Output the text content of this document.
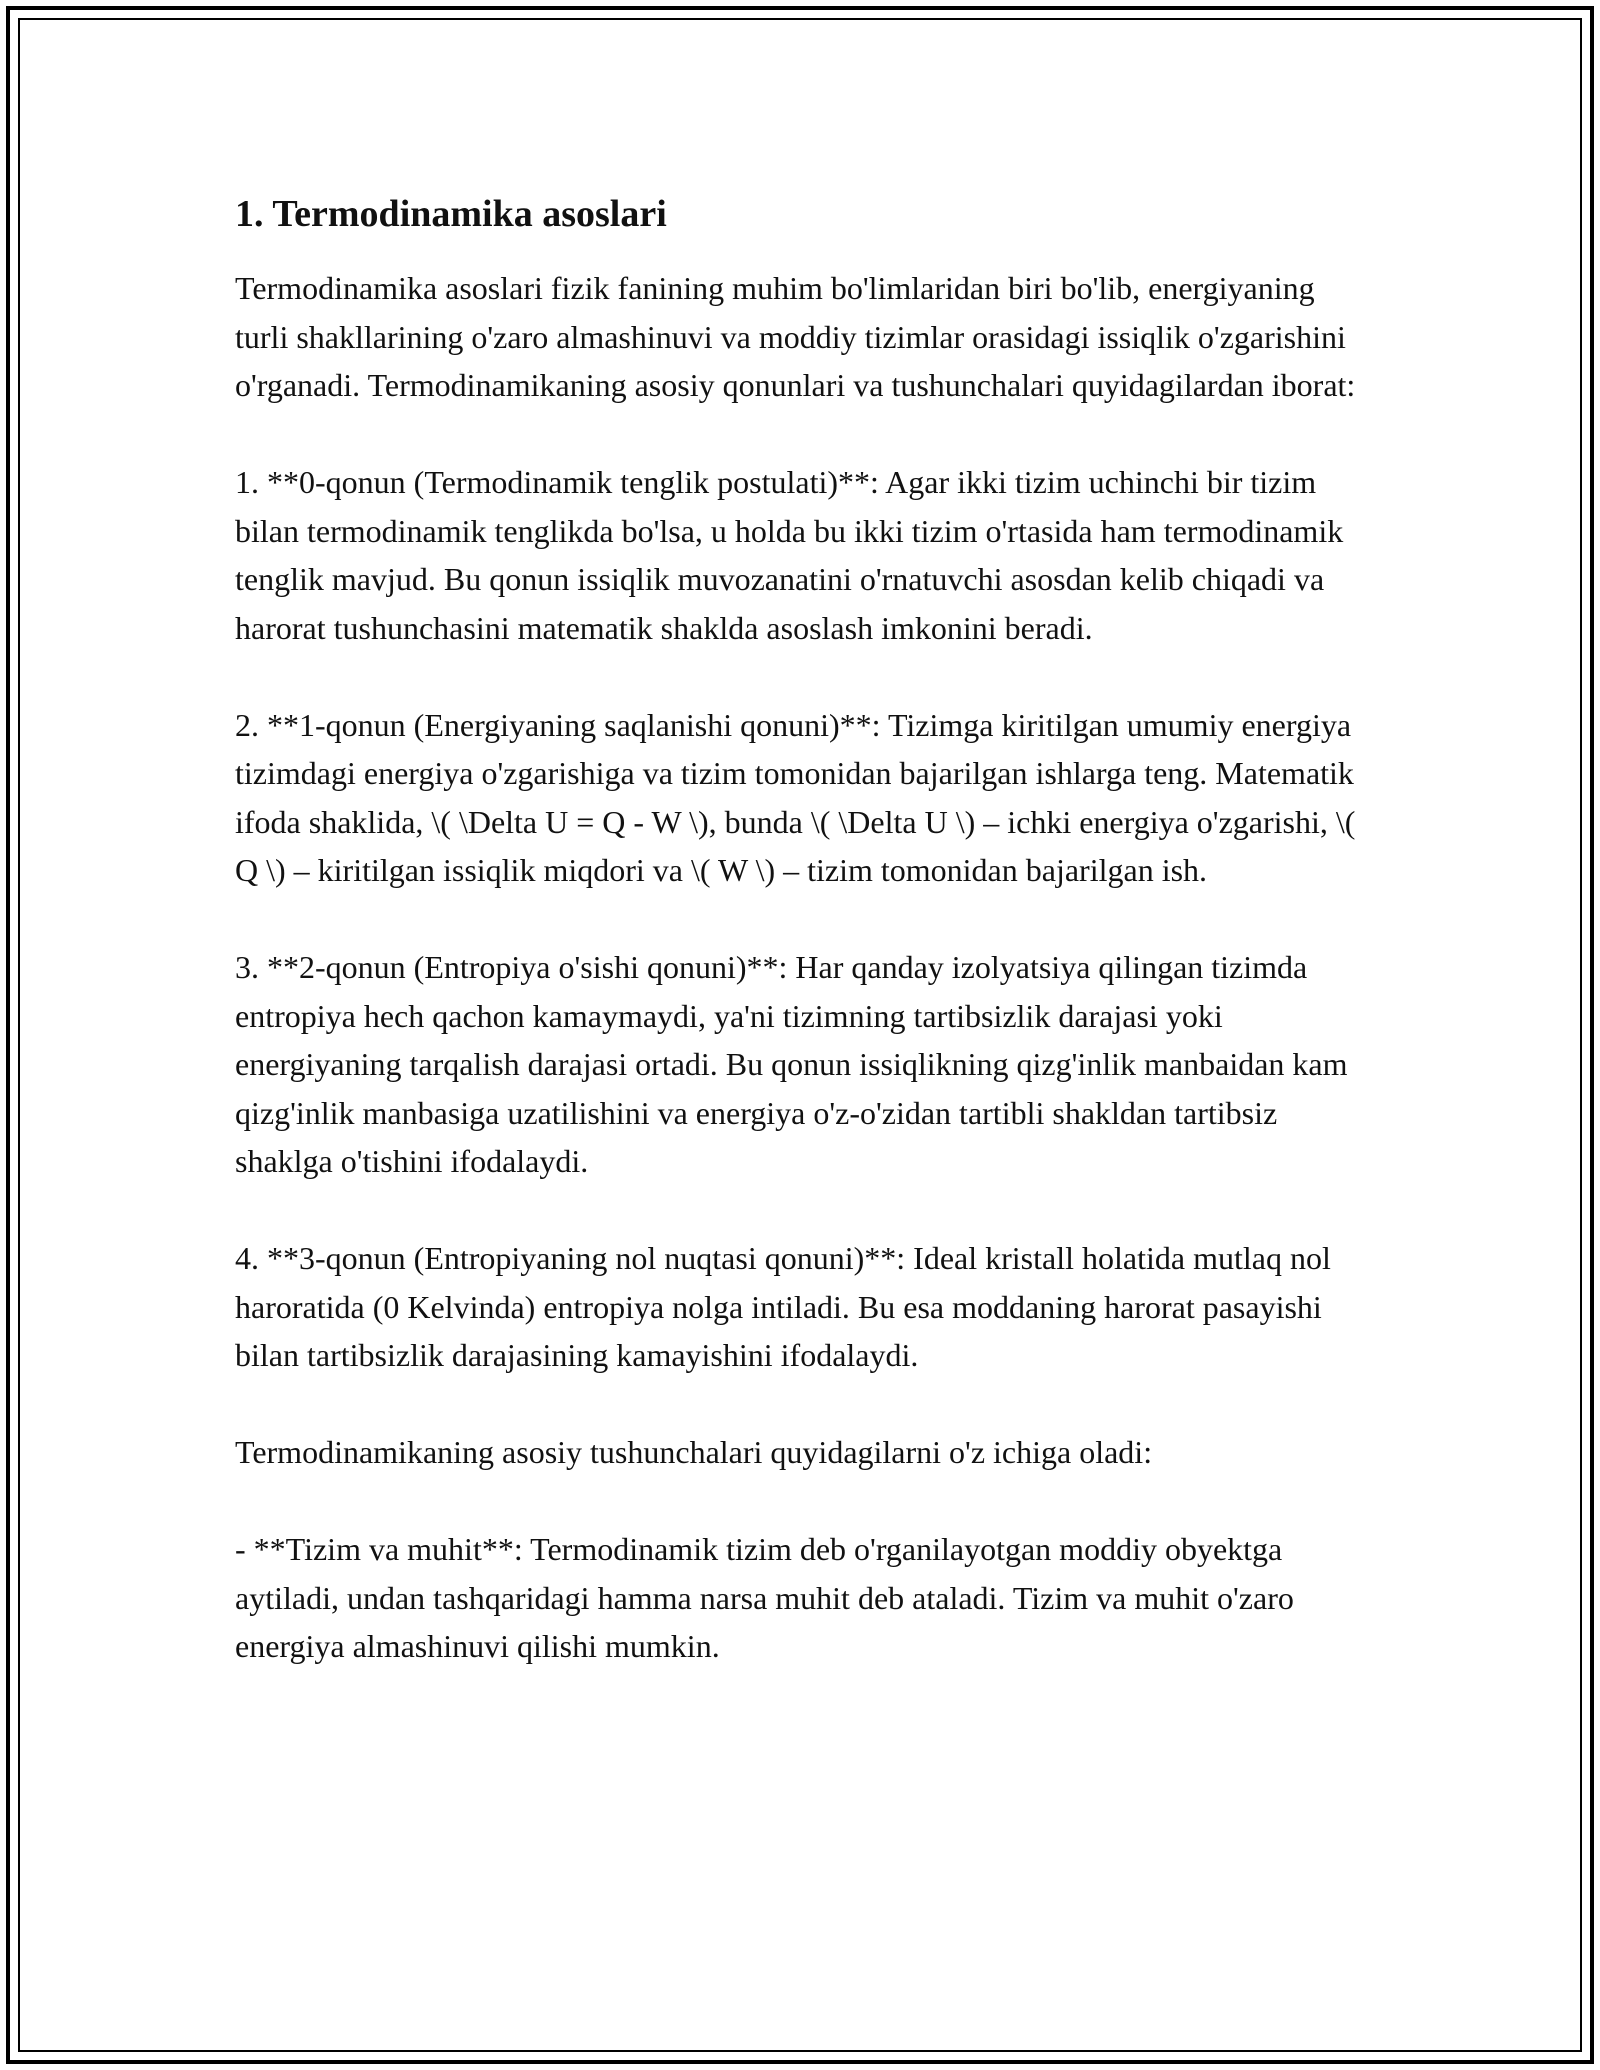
1. Termodinamika asoslari

Termodinamika asoslari fizik fanining muhim bo'limlaridan biri bo'lib, energiyaning turli shakllarining o'zaro almashinuvi va moddiy tizimlar orasidagi issiqlik o'zgarishini o'rganadi. Termodinamikaning asosiy qonunlari va tushunchalari quyidagilardan iborat:

1. **0-qonun (Termodinamik tenglik postulati)**: Agar ikki tizim uchinchi bir tizim bilan termodinamik tenglikda bo'lsa, u holda bu ikki tizim o'rtasida ham termodinamik tenglik mavjud. Bu qonun issiqlik muvozanatini o'rnatuvchi asosdan kelib chiqadi va harorat tushunchasini matematik shaklda asoslash imkonini beradi.

2. **1-qonun (Energiyaning saqlanishi qonuni)**: Tizimga kiritilgan umumiy energiya tizimdagi energiya o'zgarishiga va tizim tomonidan bajarilgan ishlarga teng. Matematik ifoda shaklida, \( \Delta U = Q - W \), bunda \( \Delta U \) – ichki energiya o'zgarishi, \( Q \) – kiritilgan issiqlik miqdori va \( W \) – tizim tomonidan bajarilgan ish.

3. **2-qonun (Entropiya o'sishi qonuni)**: Har qanday izolyatsiya qilingan tizimda entropiya hech qachon kamaymaydi, ya'ni tizimning tartibsizlik darajasi yoki energiyaning tarqalish darajasi ortadi. Bu qonun issiqlikning qizg'inlik manbaidan kam qizg'inlik manbasiga uzatilishini va energiya o'z-o'zidan tartibli shakldan tartibsiz shaklga o'tishini ifodalaydi.

4. **3-qonun (Entropiyaning nol nuqtasi qonuni)**: Ideal kristall holatida mutlaq nol haroratida (0 Kelvinda) entropiya nolga intiladi. Bu esa moddaning harorat pasayishi bilan tartibsizlik darajasining kamayishini ifodalaydi.

Termodinamikaning asosiy tushunchalari quyidagilarni o'z ichiga oladi:

- **Tizim va muhit**: Termodinamik tizim deb o'rganilayotgan moddiy obyektga aytiladi, undan tashqaridagi hamma narsa muhit deb ataladi. Tizim va muhit o'zaro energiya almashinuvi qilishi mumkin.
